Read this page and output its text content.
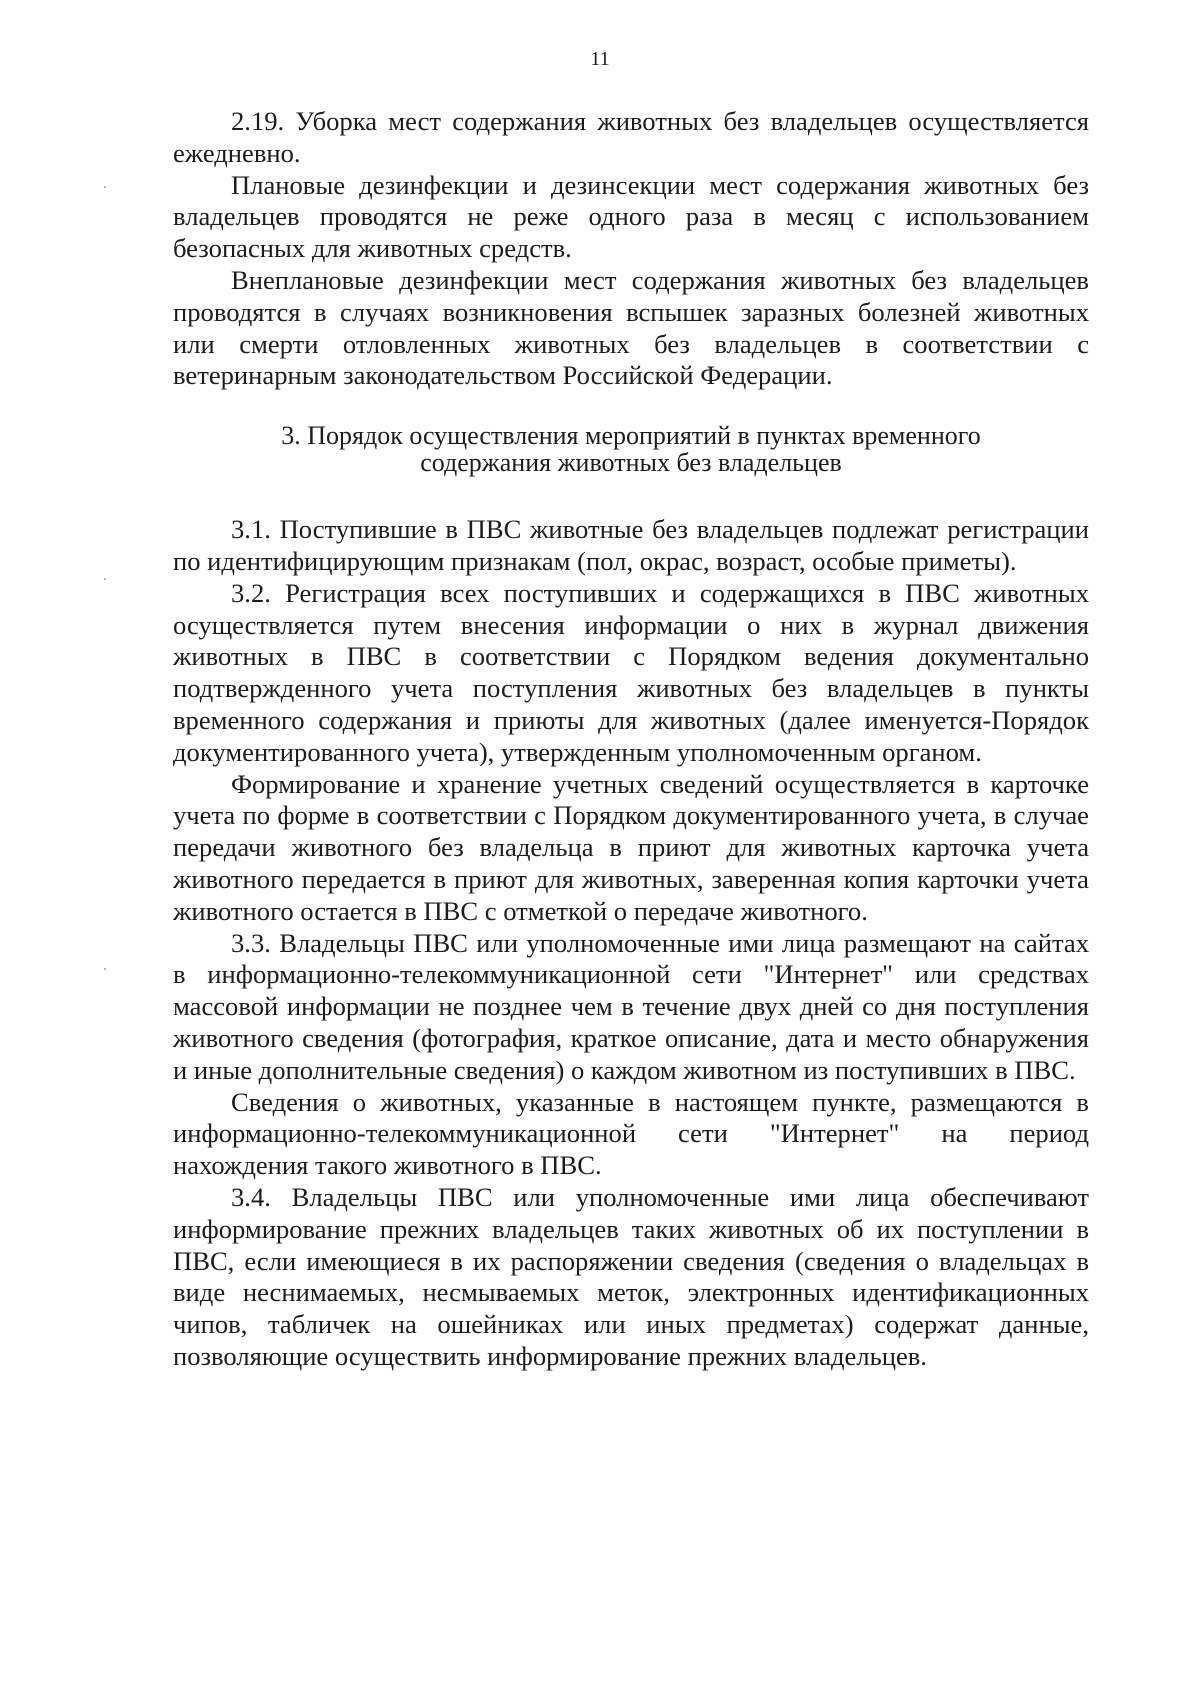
11

2.19. Уборка мест содержания животных без владельцев осуществляется ежедневно.

Плановые дезинфекции и дезинсекции мест содержания животных без владельцев проводятся не реже одного раза в месяц с использованием безопасных для животных средств.

Внеплановые дезинфекции мест содержания животных без владельцев проводятся в случаях возникновения вспышек заразных болезней животных или смерти отловленных животных без владельцев в соответствии с ветеринарным законодательством Российской Федерации.

3. Порядок осуществления мероприятий в пунктах временного
содержания животных без владельцев

3.1. Поступившие в ПВС животные без владельцев подлежат регистрации по идентифицирующим признакам (пол, окрас, возраст, особые приметы).

3.2. Регистрация всех поступивших и содержащихся в ПВС животных осуществляется путем внесения информации о них в журнал движения животных в ПВС в соответствии с Порядком ведения документально подтвержденного учета поступления животных без владельцев в пункты временного содержания и приюты для животных (далее именуется-Порядок документированного учета), утвержденным уполномоченным органом.

Формирование и хранение учетных сведений осуществляется в карточке учета по форме в соответствии с Порядком документированного учета, в случае передачи животного без владельца в приют для животных карточка учета животного передается в приют для животных, заверенная копия карточки учета животного остается в ПВС с отметкой о передаче животного.

3.3. Владельцы ПВС или уполномоченные ими лица размещают на сайтах в информационно-телекоммуникационной сети "Интернет" или средствах массовой информации не позднее чем в течение двух дней со дня поступления животного сведения (фотография, краткое описание, дата и место обнаружения и иные дополнительные сведения) о каждом животном из поступивших в ПВС.

Сведения о животных, указанные в настоящем пункте, размещаются в информационно-телекоммуникационной сети "Интернет" на период нахождения такого животного в ПВС.

3.4. Владельцы ПВС или уполномоченные ими лица обеспечивают информирование прежних владельцев таких животных об их поступлении в ПВС, если имеющиеся в их распоряжении сведения (сведения о владельцах в виде неснимаемых, несмываемых меток, электронных идентификационных чипов, табличек на ошейниках или иных предметах) содержат данные, позволяющие осуществить информирование прежних владельцев.
